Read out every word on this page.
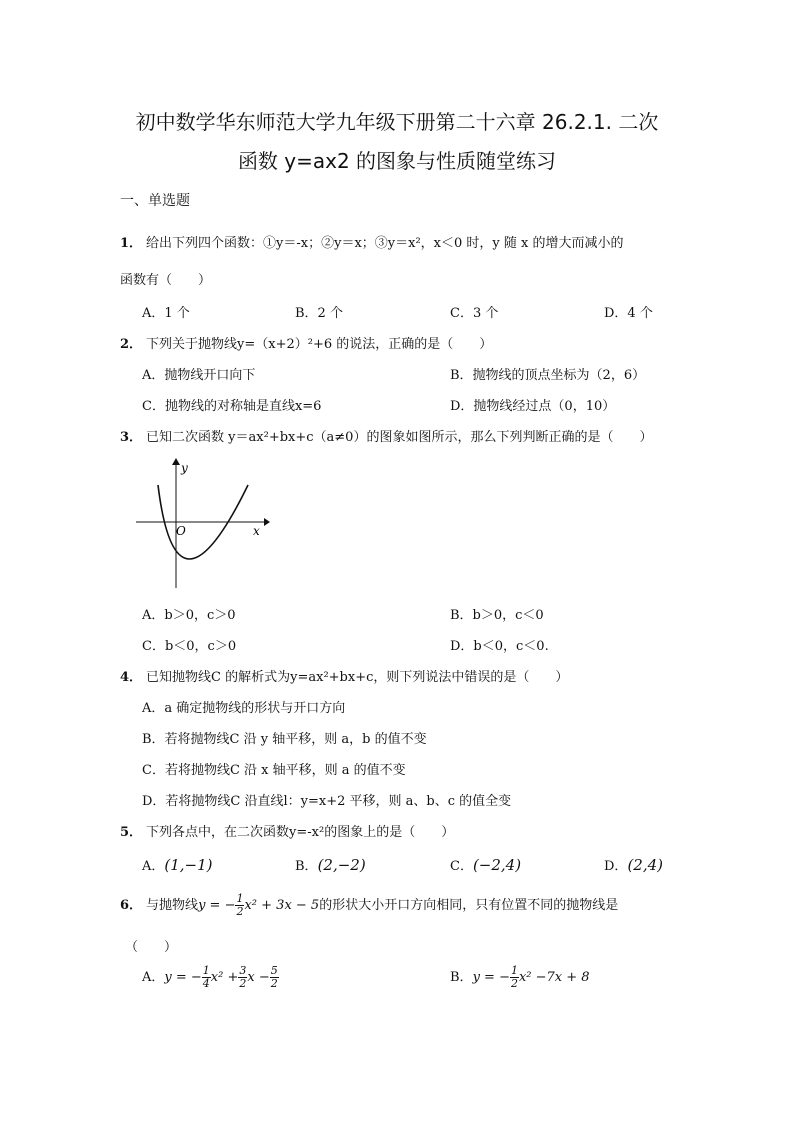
初中数学华东师范大学九年级下册第二十六章 26.2.1. 二次
函数 y=ax2 的图象与性质随堂练习
一、单选题
1． 给出下列四个函数：①y＝-x；②y＝x；③y＝x²，x＜0 时，y 随 x 的增大而减小的
函数有（　　）
A．1 个	B．2 个	C．3 个	D．4 个
2． 下列关于抛物线y=（x+2）²+6 的说法，正确的是（　　）
A．抛物线开口向下	B．抛物线的顶点坐标为（2，6）
C．抛物线的对称轴是直线x=6	D．抛物线经过点（0，10）
3． 已知二次函数 y＝ax²+bx+c（a≠0）的图象如图所示，那么下列判断正确的是（　　）
y
x
O
A．b＞0，c＞0	B．b＞0，c＜0
C．b＜0，c＞0	D．b＜0，c＜0.
4． 已知抛物线C 的解析式为y=ax²+bx+c，则下列说法中错误的是（　　）
A．a 确定抛物线的形状与开口方向
B．若将抛物线C 沿 y 轴平移，则 a，b 的值不变
C．若将抛物线C 沿 x 轴平移，则 a 的值不变
D．若将抛物线C 沿直线l：y=x+2 平移，则 a、b、c 的值全变
5． 下列各点中，在二次函数y=-x²的图象上的是（　　）
A．(1,−1)	B．(2,−2)	C．(−2,4)	D．(2,4)
6． 与抛物线y = − $\frac{1}{2} x^2 + 3x - 5$的形状大小开口方向相同，只有位置不同的抛物线是
（　　）
A．y = − $\frac{1}{4} x^2 + \frac{3}{2}$ $x - \frac{5}{2}$	B．y = − $\frac{1}{2} x^2 -7x + 8$
